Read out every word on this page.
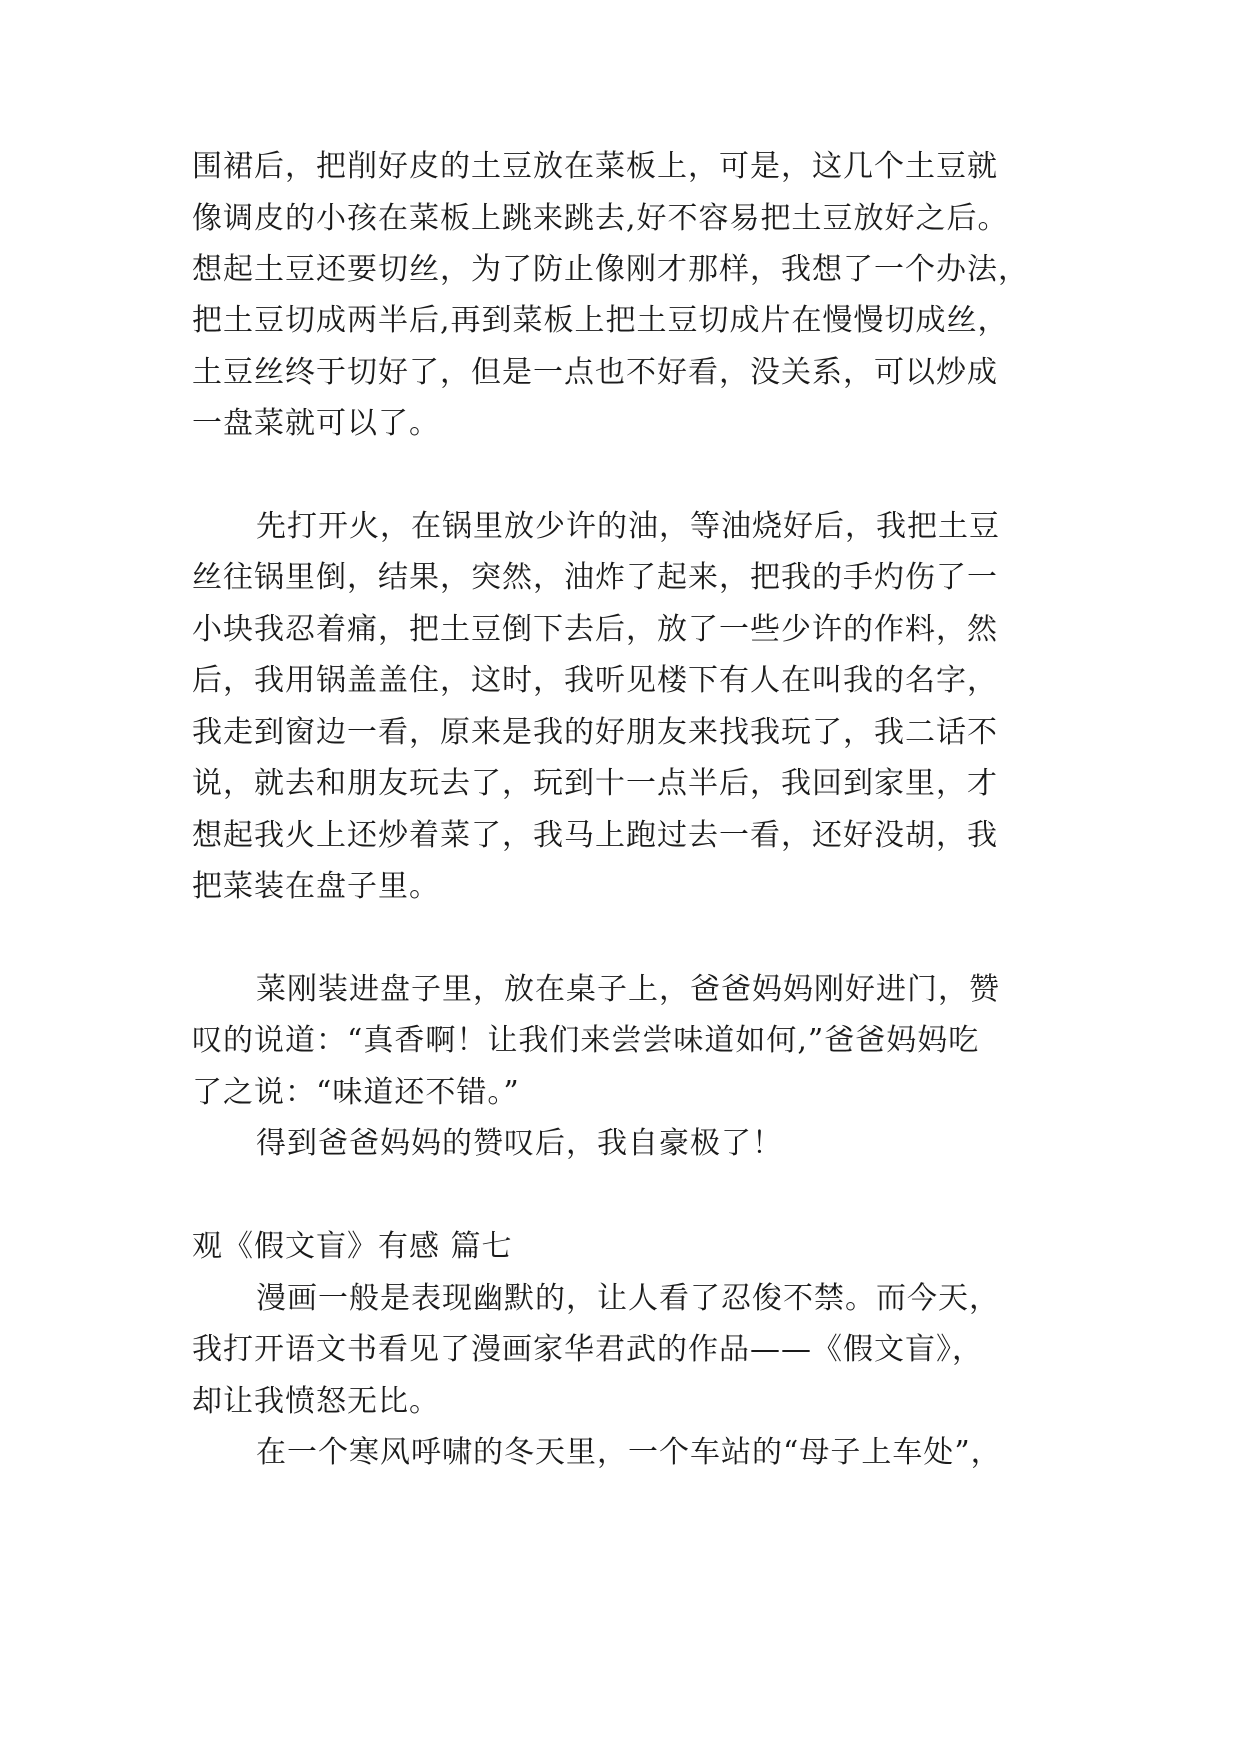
围裙后，把削好皮的土豆放在菜板上，可是，这几个土豆就
像调皮的小孩在菜板上跳来跳去,好不容易把土豆放好之后。
想起土豆还要切丝，为了防止像刚才那样，我想了一个办法，
把土豆切成两半后,再到菜板上把土豆切成片在慢慢切成丝，
土豆丝终于切好了，但是一点也不好看，没关系，可以炒成
一盘菜就可以了。
先打开火，在锅里放少许的油，等油烧好后，我把土豆
丝往锅里倒，结果，突然，油炸了起来，把我的手灼伤了一
小块我忍着痛，把土豆倒下去后，放了一些少许的作料，然
后，我用锅盖盖住，这时，我听见楼下有人在叫我的名字，
我走到窗边一看，原来是我的好朋友来找我玩了，我二话不
说，就去和朋友玩去了，玩到十一点半后，我回到家里，才
想起我火上还炒着菜了，我马上跑过去一看，还好没胡，我
把菜装在盘子里。
菜刚装进盘子里，放在桌子上，爸爸妈妈刚好进门，赞
叹的说道：“真香啊！让我们来尝尝味道如何,”爸爸妈妈吃
了之说：“味道还不错。”
得到爸爸妈妈的赞叹后，我自豪极了！
观《假文盲》有感 篇七
漫画一般是表现幽默的，让人看了忍俊不禁。而今天，
我打开语文书看见了漫画家华君武的作品——《假文盲》，
却让我愤怒无比。
在一个寒风呼啸的冬天里，一个车站的“母子上车处”，
